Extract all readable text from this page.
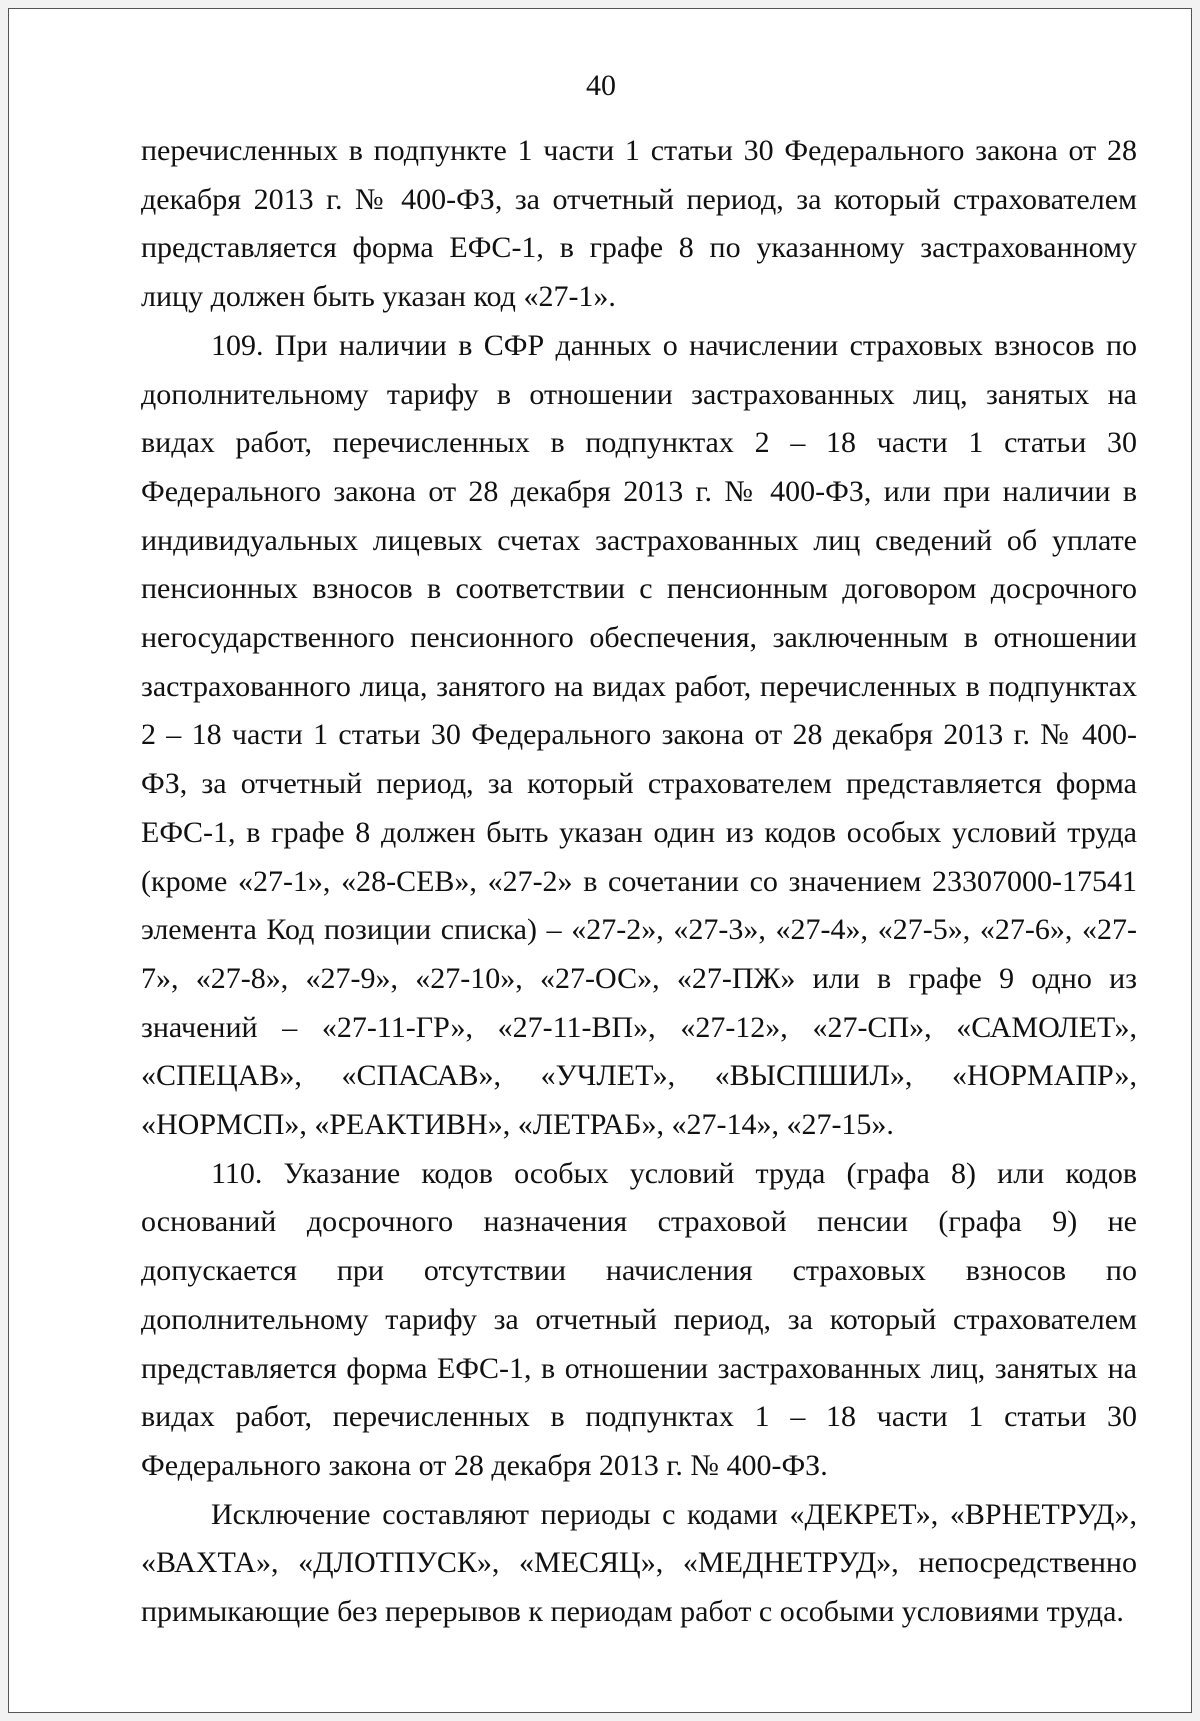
40

перечисленных в подпункте 1 части 1 статьи 30 Федерального закона от 28 декабря 2013 г. № 400-ФЗ, за отчетный период, за который страхователем представляется форма ЕФС-1, в графе 8 по указанному застрахованному лицу должен быть указан код «27-1».

109. При наличии в СФР данных о начислении страховых взносов по дополнительному тарифу в отношении застрахованных лиц, занятых на видах работ, перечисленных в подпунктах 2 – 18 части 1 статьи 30 Федерального закона от 28 декабря 2013 г. № 400-ФЗ, или при наличии в индивидуальных лицевых счетах застрахованных лиц сведений об уплате пенсионных взносов в соответствии с пенсионным договором досрочного негосударственного пенсионного обеспечения, заключенным в отношении застрахованного лица, занятого на видах работ, перечисленных в подпунктах 2 – 18 части 1 статьи 30 Федерального закона от 28 декабря 2013 г. № 400-ФЗ, за отчетный период, за который страхователем представляется форма ЕФС-1, в графе 8 должен быть указан один из кодов особых условий труда (кроме «27-1», «28-СЕВ», «27-2» в сочетании со значением 23307000-17541 элемента Код позиции списка) – «27-2», «27-3», «27-4», «27-5», «27-6», «27-7», «27-8», «27-9», «27-10», «27-ОС», «27-ПЖ» или в графе 9 одно из значений – «27-11-ГР», «27-11-ВП», «27-12», «27-СП», «САМОЛЕТ», «СПЕЦАВ», «СПАСАВ», «УЧЛЕТ», «ВЫСПШИЛ», «НОРМАПР», «НОРМСП», «РЕАКТИВН», «ЛЕТРАБ», «27-14», «27-15».

110. Указание кодов особых условий труда (графа 8) или кодов оснований досрочного назначения страховой пенсии (графа 9) не допускается при отсутствии начисления страховых взносов по дополнительному тарифу за отчетный период, за который страхователем представляется форма ЕФС-1, в отношении застрахованных лиц, занятых на видах работ, перечисленных в подпунктах 1 – 18 части 1 статьи 30 Федерального закона от 28 декабря 2013 г. № 400-ФЗ.

Исключение составляют периоды с кодами «ДЕКРЕТ», «ВРНЕТРУД», «ВАХТА», «ДЛОТПУСК», «МЕСЯЦ», «МЕДНЕТРУД», непосредственно примыкающие без перерывов к периодам работ с особыми условиями труда.
